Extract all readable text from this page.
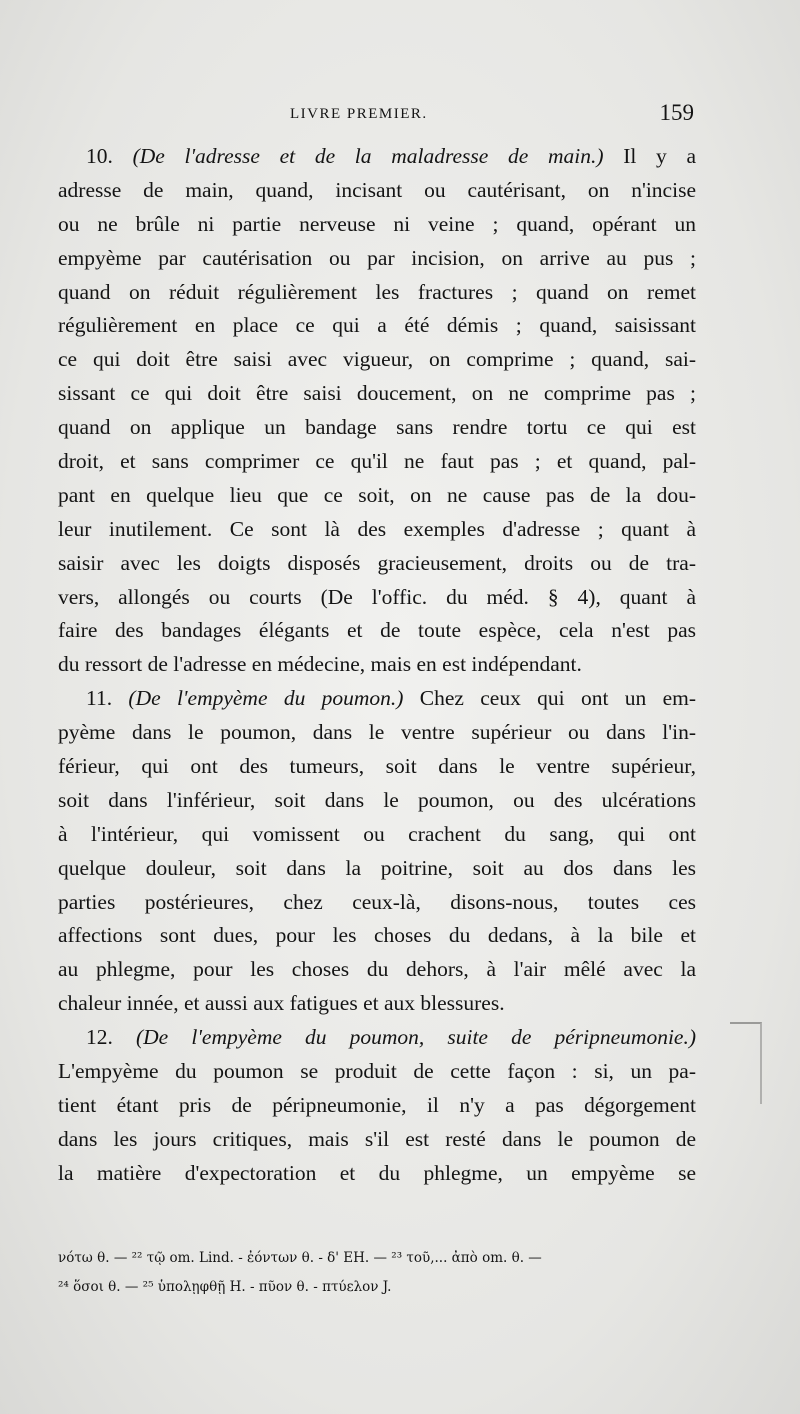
LIVRE PREMIER.	159
10. (De l'adresse et de la maladresse de main.) Il y a
adresse de main, quand, incisant ou cautérisant, on n'incise
ou ne brûle ni partie nerveuse ni veine ; quand, opérant un
empyème par cautérisation ou par incision, on arrive au pus ;
quand on réduit régulièrement les fractures ; quand on remet
régulièrement en place ce qui a été démis ; quand, saisissant
ce qui doit être saisi avec vigueur, on comprime ; quand, sai-
sissant ce qui doit être saisi doucement, on ne comprime pas ;
quand on applique un bandage sans rendre tortu ce qui est
droit, et sans comprimer ce qu'il ne faut pas ; et quand, pal-
pant en quelque lieu que ce soit, on ne cause pas de la dou-
leur inutilement. Ce sont là des exemples d'adresse ; quant à
saisir avec les doigts disposés gracieusement, droits ou de tra-
vers, allongés ou courts (De l'offic. du méd. § 4), quant à
faire des bandages élégants et de toute espèce, cela n'est pas
du ressort de l'adresse en médecine, mais en est indépendant.
11. (De l'empyème du poumon.) Chez ceux qui ont un em-
pyème dans le poumon, dans le ventre supérieur ou dans l'in-
férieur, qui ont des tumeurs, soit dans le ventre supérieur,
soit dans l'inférieur, soit dans le poumon, ou des ulcérations
à l'intérieur, qui vomissent ou crachent du sang, qui ont
quelque douleur, soit dans la poitrine, soit au dos dans les
parties postérieures, chez ceux-là, disons-nous, toutes ces
affections sont dues, pour les choses du dedans, à la bile et
au phlegme, pour les choses du dehors, à l'air mêlé avec la
chaleur innée, et aussi aux fatigues et aux blessures.
12. (De l'empyème du poumon, suite de péripneumonie.)
L'empyème du poumon se produit de cette façon : si, un pa-
tient étant pris de péripneumonie, il n'y a pas dégorgement
dans les jours critiques, mais s'il est resté dans le poumon de
la matière d'expectoration et du phlegme, un empyème se
νότω θ. — ²² τῷ om. Lind. - ἐόντων θ. - δ' EH. — ²³ τοῦ,... ἀπὸ om. θ. —
²⁴ ὅσοι θ. — ²⁵ ὑπολῃφθῇ H. - πῦον θ. - πτύελον J.
